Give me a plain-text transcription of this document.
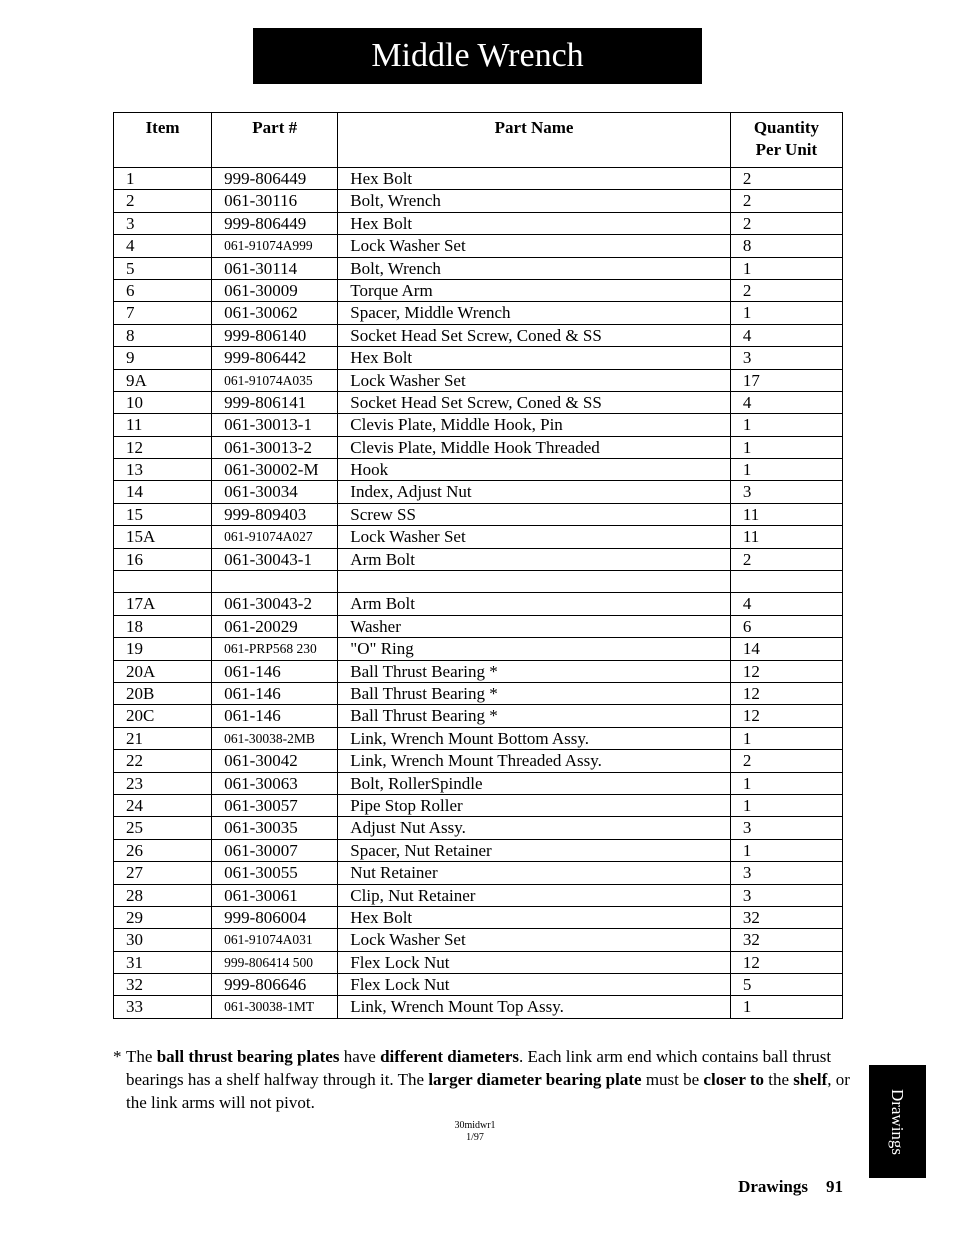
Middle Wrench
Item	Part #	Part Name	Quantity
Per Unit

1	999-806449	Hex Bolt	2
2	061-30116	Bolt, Wrench	2
3	999-806449	Hex Bolt	2
4	061-91074A999	Lock Washer Set	8
5	061-30114	Bolt, Wrench	1
6	061-30009	Torque Arm	2
7	061-30062	Spacer, Middle Wrench	1
8	999-806140	Socket Head Set Screw, Coned & SS	4
9	999-806442	Hex Bolt	3
9A	061-91074A035	Lock Washer Set	17
10	999-806141	Socket Head Set Screw, Coned & SS	4
11	061-30013-1	Clevis Plate, Middle Hook, Pin	1
12	061-30013-2	Clevis Plate, Middle Hook Threaded	1
13	061-30002-M	Hook	1
14	061-30034	Index, Adjust Nut	3
15	999-809403	Screw SS	11
15A	061-91074A027	Lock Washer Set	11
16	061-30043-1	Arm Bolt	2

17A	061-30043-2	Arm Bolt	4
18	061-20029	Washer	6
19	061-PRP568 230	"O" Ring	14
20A	061-146	Ball Thrust Bearing *	12
20B	061-146	Ball Thrust Bearing *	12
20C	061-146	Ball Thrust Bearing *	12
21	061-30038-2MB	Link, Wrench Mount Bottom Assy.	1
22	061-30042	Link, Wrench Mount Threaded Assy.	2
23	061-30063	Bolt, RollerSpindle	1
24	061-30057	Pipe Stop Roller	1
25	061-30035	Adjust Nut Assy.	3
26	061-30007	Spacer, Nut Retainer	1
27	061-30055	Nut Retainer	3
28	061-30061	Clip, Nut Retainer	3
29	999-806004	Hex Bolt	32
30	061-91074A031	Lock Washer Set	32
31	999-806414 500	Flex Lock Nut	12
32	999-806646	Flex Lock Nut	5
33	061-30038-1MT	Link, Wrench Mount Top Assy.	1
* The ball thrust bearing plates have different diameters. Each link arm end which contains ball thrust bearings has a shelf halfway through it. The larger diameter bearing plate must be closer to the shelf, or the link arms will not pivot.
30midwr1
1/97	Drawings
Drawings 91
